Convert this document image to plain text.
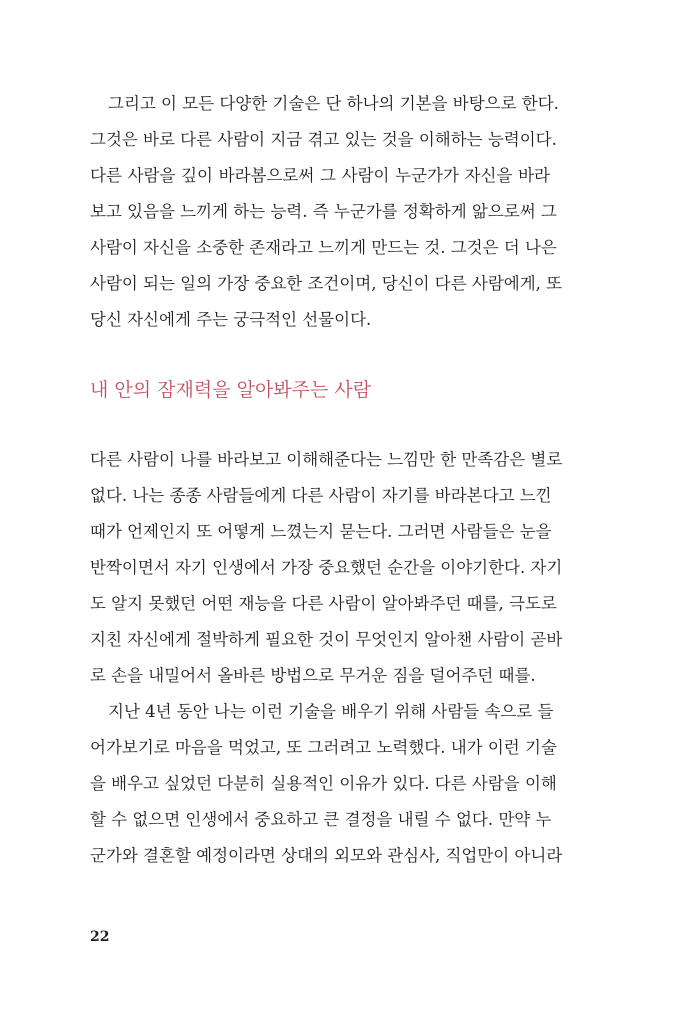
그리고 이 모든 다양한 기술은 단 하나의 기본을 바탕으로 한다.
그것은 바로 다른 사람이 지금 겪고 있는 것을 이해하는 능력이다.
다른 사람을 깊이 바라봄으로써 그 사람이 누군가가 자신을 바라
보고 있음을 느끼게 하는 능력. 즉 누군가를 정확하게 앎으로써 그
사람이 자신을 소중한 존재라고 느끼게 만드는 것. 그것은 더 나은
사람이 되는 일의 가장 중요한 조건이며, 당신이 다른 사람에게, 또
당신 자신에게 주는 궁극적인 선물이다.
내 안의 잠재력을 알아봐주는 사람
다른 사람이 나를 바라보고 이해해준다는 느낌만 한 만족감은 별로
없다. 나는 종종 사람들에게 다른 사람이 자기를 바라본다고 느낀
때가 언제인지 또 어떻게 느꼈는지 묻는다. 그러면 사람들은 눈을
반짝이면서 자기 인생에서 가장 중요했던 순간을 이야기한다. 자기
도 알지 못했던 어떤 재능을 다른 사람이 알아봐주던 때를, 극도로
지친 자신에게 절박하게 필요한 것이 무엇인지 알아챈 사람이 곧바
로 손을 내밀어서 올바른 방법으로 무거운 짐을 덜어주던 때를.
지난 4년 동안 나는 이런 기술을 배우기 위해 사람들 속으로 들
어가보기로 마음을 먹었고, 또 그러려고 노력했다. 내가 이런 기술
을 배우고 싶었던 다분히 실용적인 이유가 있다. 다른 사람을 이해
할 수 없으면 인생에서 중요하고 큰 결정을 내릴 수 없다. 만약 누
군가와 결혼할 예정이라면 상대의 외모와 관심사, 직업만이 아니라
22
